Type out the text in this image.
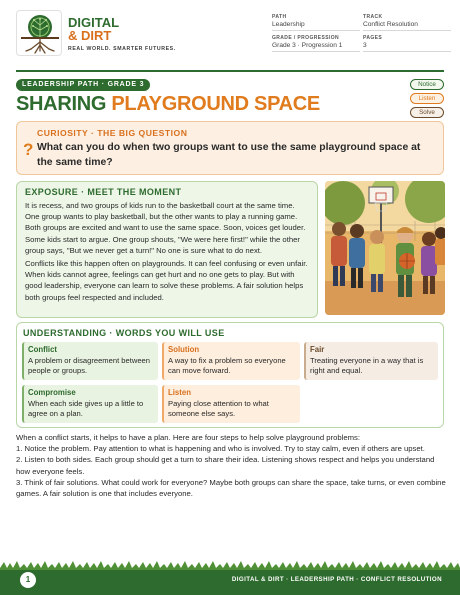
DIGITAL
& DIRT
REAL WORLD. SMARTER FUTURES.
PATH
Leadership
GRADE / PROGRESSION
Grade 3 · Progression 1
TRACK
Conflict Resolution
PAGES
3
LEADERSHIP PATH · GRADE 3
SHARING PLAYGROUND SPACE
Notice
Listen
Solve
?
CURIOSITY · THE BIG QUESTION
What can you do when two groups want to use the same playground space at the same time?
EXPOSURE · MEET THE MOMENT

It is recess, and two groups of kids run to the basketball court at the same time. One group wants to play basketball, but the other wants to play a running game. Both groups are excited and want to use the same space. Soon, voices get louder. Some kids start to argue. One group shouts, "We were here first!" while the other group says, "But we never get a turn!" No one is sure what to do next.

Conflicts like this happen often on playgrounds. It can feel confusing or even unfair. When kids cannot agree, feelings can get hurt and no one gets to play. But with good leadership, everyone can learn to solve these problems. A fair solution helps both groups feel respected and included.

UNDERSTANDING · WORDS YOU WILL USE
Conflict
A problem or disagreement between people or groups.
Solution
A way to fix a problem so everyone can move forward.
Fair
Treating everyone in a way that is right and equal.
Compromise
When each side gives up a little to agree on a plan.
Listen
Paying close attention to what someone else says.

When a conflict starts, it helps to have a plan. Here are four steps to help solve playground problems:

1. Notice the problem. Pay attention to what is happening and who is involved. Try to stay calm, even if others are upset.

2. Listen to both sides. Each group should get a turn to share their idea. Listening shows respect and helps you understand how everyone feels.

3. Think of fair solutions. What could work for everyone? Maybe both groups can share the space, take turns, or even combine games. A fair solution is one that includes everyone.

1	DIGITAL & DIRT · LEADERSHIP PATH · CONFLICT RESOLUTION
